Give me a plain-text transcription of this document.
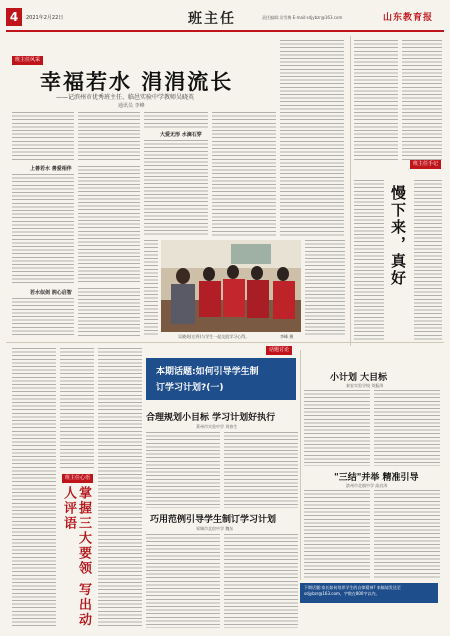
4	2021年2月22日	班主任	责任编辑:吴雪梅 E-mail:sdjybzr@163.com	山东教育报
班主任风采
幸福若水 涓涓流长
——记滨州市优秀班主任、临邑实验中学教师吴晓英
通讯员 李峰
上善若水 善爱相伴
若水似剑 润心启智
大爱无形 水滴石穿
吴晓英(左四)与学生一起交流学习心得。	李峰 摄
班主任手记
慢下来，真好
班主任心语
掌握三大要领 写出动人评语
话题讨论
本期话题:如何引导学生制
订学习计划?(一)
合理规划小目标 学习计划好执行
莱州市实验中学 刘春生
巧用范例引导学生制订学习计划
邹城市北宿中学 魏东
小计划 大目标
泰安实验学校 刘振涛
"三结"并举 精准引导
滨州市北镇中学 高启涛
下期话题:家长如何培养学生的自律精神? 来稿请发送至 sdjybzr@163.com，字数在800字以内。
